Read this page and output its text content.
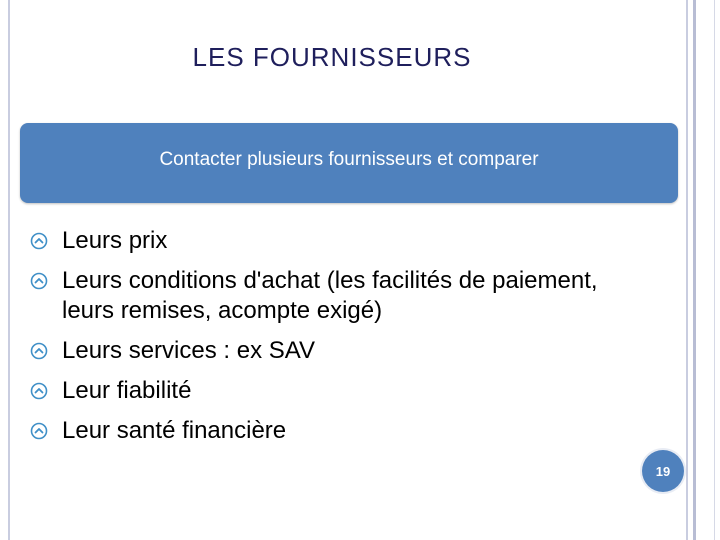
LES FOURNISSEURS
Contacter plusieurs fournisseurs et comparer
Leurs prix
Leurs conditions d'achat (les facilités de paiement, leurs remises, acompte exigé)
Leurs services : ex SAV
Leur fiabilité
Leur santé financière
19
